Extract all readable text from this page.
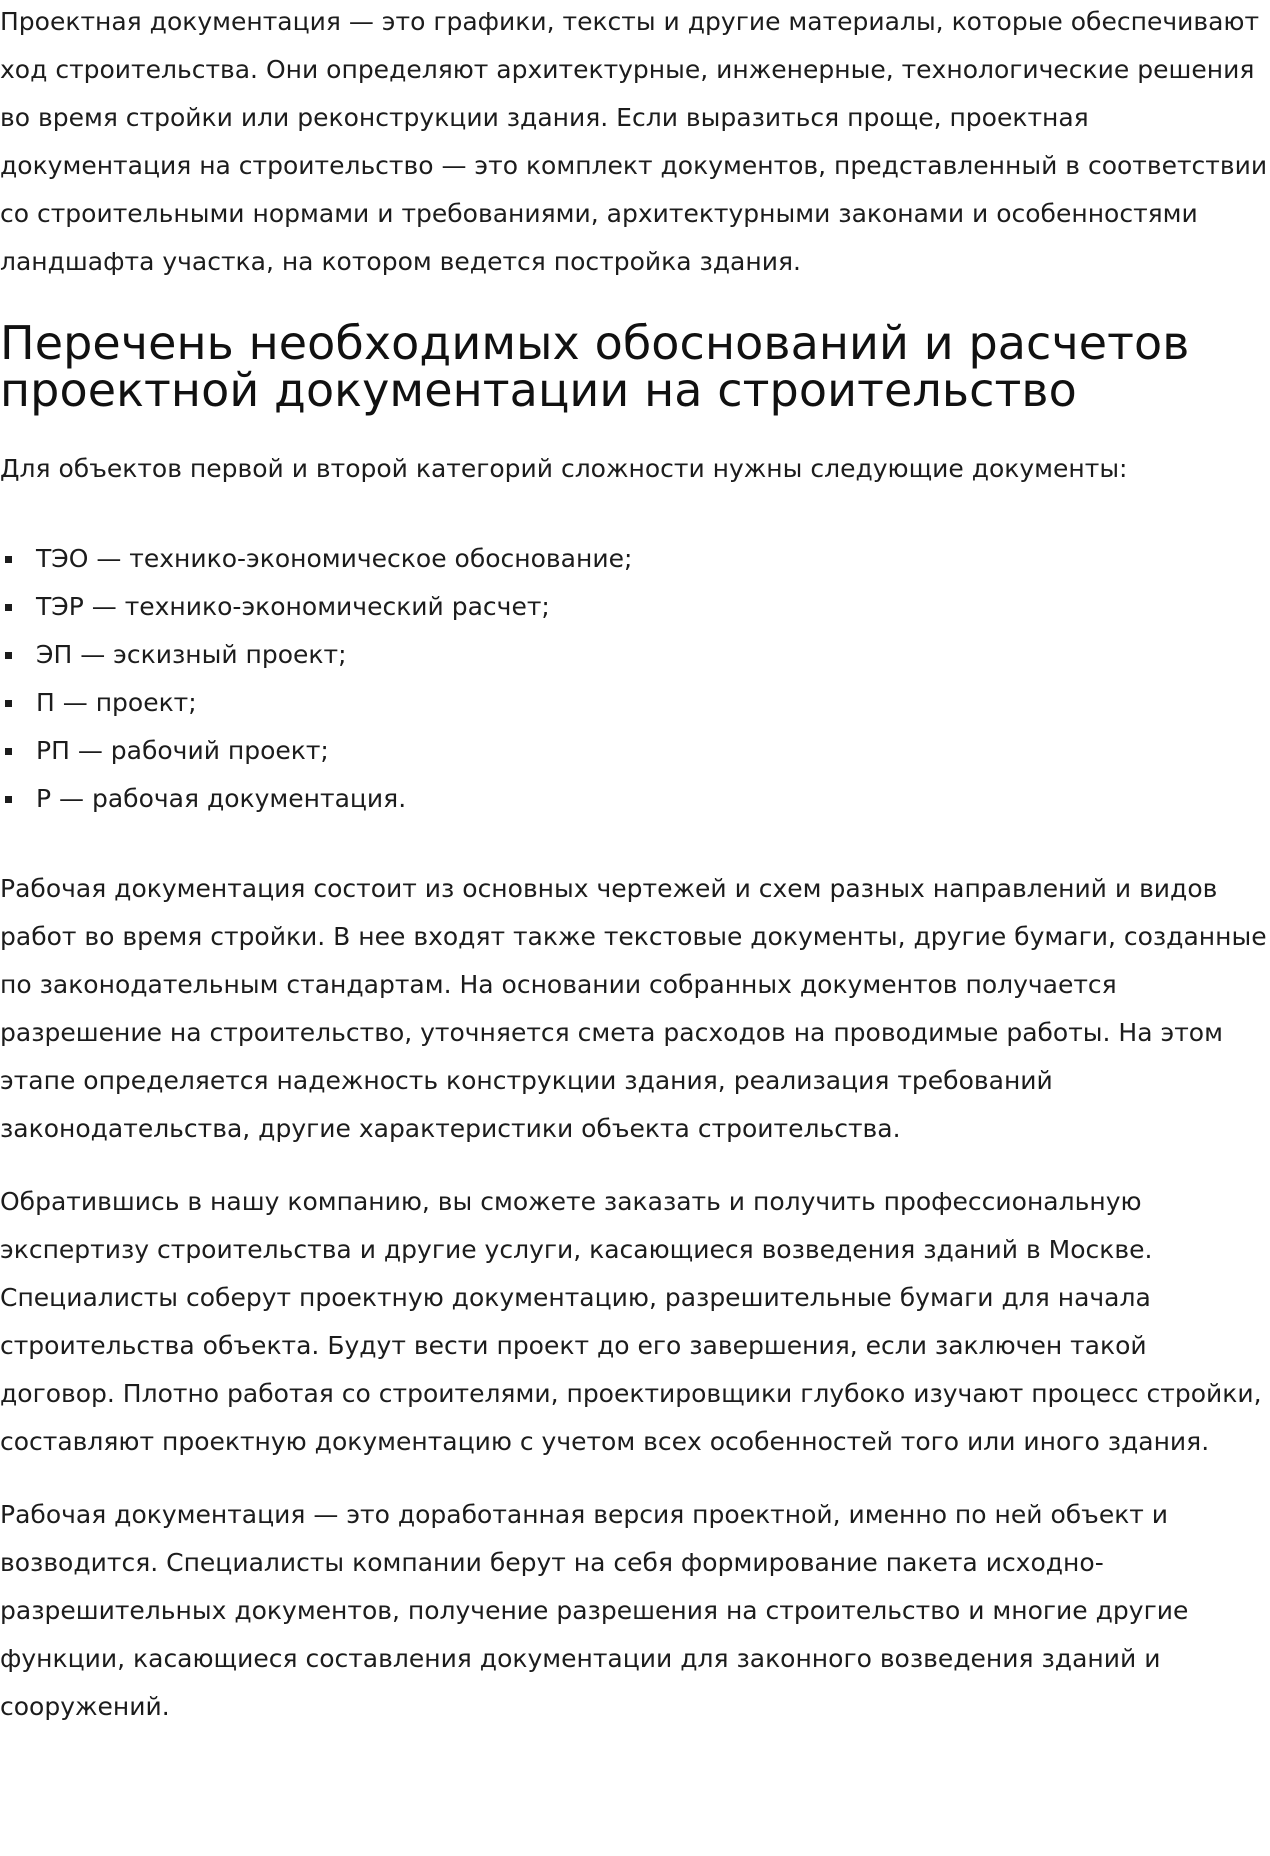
Проектная документация — это графики, тексты и другие материалы, которые обеспечивают ход строительства. Они определяют архитектурные, инженерные, технологические решения во время стройки или реконструкции здания. Если выразиться проще, проектная документация на строительство — это комплект документов, представленный в соответствии со строительными нормами и требованиями, архитектурными законами и особенностями ландшафта участка, на котором ведется постройка здания.

Перечень необходимых обоснований и расчетов проектной документации на строительство

Для объектов первой и второй категорий сложности нужны следующие документы:

ТЭО — технико-экономическое обоснование;
ТЭР — технико-экономический расчет;
ЭП — эскизный проект;
П — проект;
РП — рабочий проект;
Р — рабочая документация.

Рабочая документация состоит из основных чертежей и схем разных направлений и видов работ во время стройки. В нее входят также текстовые документы, другие бумаги, созданные по законодательным стандартам. На основании собранных документов получается разрешение на строительство, уточняется смета расходов на проводимые работы. На этом этапе определяется надежность конструкции здания, реализация требований законодательства, другие характеристики объекта строительства.

Обратившись в нашу компанию, вы сможете заказать и получить профессиональную экспертизу строительства и другие услуги, касающиеся возведения зданий в Москве. Специалисты соберут проектную документацию, разрешительные бумаги для начала строительства объекта. Будут вести проект до его завершения, если заключен такой договор. Плотно работая со строителями, проектировщики глубоко изучают процесс стройки, составляют проектную документацию с учетом всех особенностей того или иного здания.

Рабочая документация — это доработанная версия проектной, именно по ней объект и возводится. Специалисты компании берут на себя формирование пакета исходно-разрешительных документов, получение разрешения на строительство и многие другие функции, касающиеся составления документации для законного возведения зданий и сооружений.
